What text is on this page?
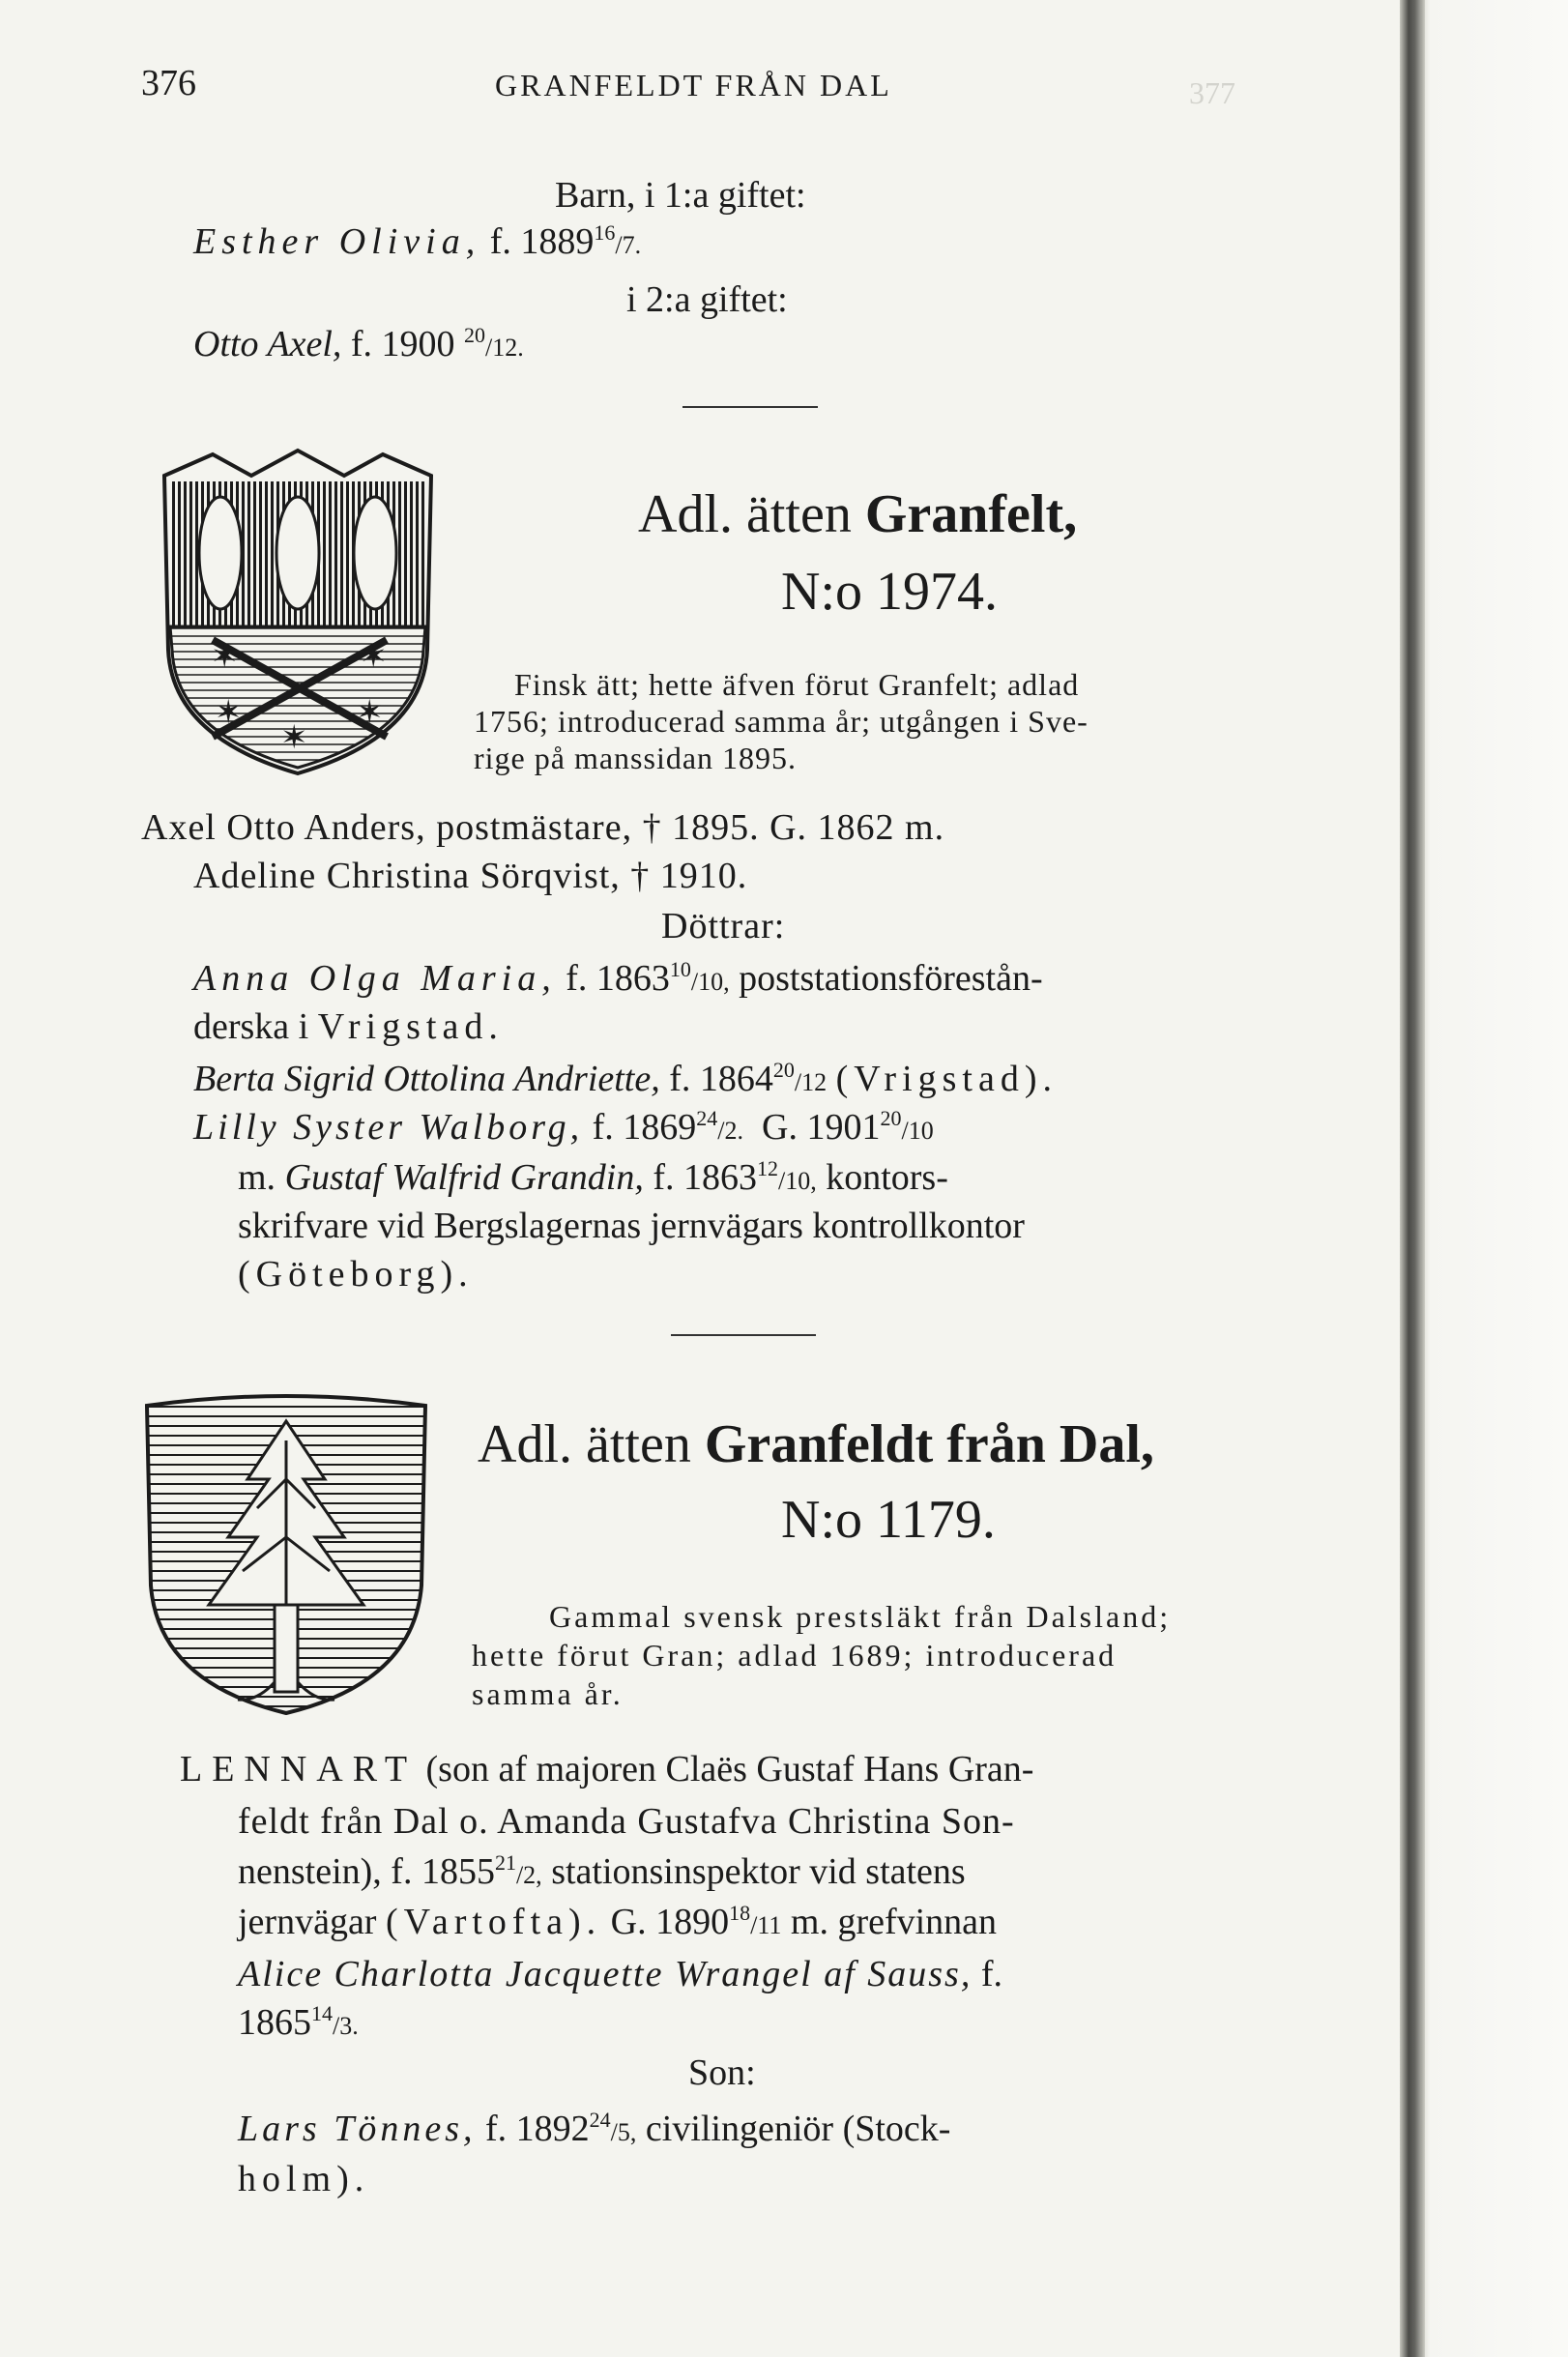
377
376	GRANFELDT FRÅN DAL
Barn, i 1:a giftet:
Esther Olivia, f. 1889$^{16}$/7.
i 2:a giftet:
Otto Axel, f. 1900 $^{20}$/12.
✶	✶
✶
✶	✶
Adl. ätten Granfelt,
N:o 1974.
Finsk ätt; hette äfven förut Granfelt; adlad
1756; introducerad samma år; utgången i Sve-
rige på manssidan 1895.
Axel Otto Anders, postmästare, † 1895. G. 1862 m.
Adeline Christina Sörqvist, † 1910.
Döttrar:
Anna Olga Maria, f. 1863$^{10}$/10, poststationsförestån-
derska i Vrigstad.
Berta Sigrid Ottolina Andriette, f. 1864$^{20}$/12 (Vrigstad).
Lilly Syster Walborg, f. 1869$^{24}$/2. G. 1901$^{20}$/10
m. Gustaf Walfrid Grandin, f. 1863$^{12}$/10, kontors-
skrifvare vid Bergslagernas jernvägars kontrollkontor
(Göteborg).
Adl. ätten Granfeldt från Dal,
N:o 1179.
Gammal svensk prestsläkt från Dalsland;
hette förut Gran; adlad 1689; introducerad
samma år.
LENNART (son af majoren Claës Gustaf Hans Gran-
feldt från Dal o. Amanda Gustafva Christina Son-
nenstein), f. 1855$^{21}$/2, stationsinspektor vid statens
jernvägar (Vartofta). G. 1890$^{18}$/11 m. grefvinnan
Alice Charlotta Jacquette Wrangel af Sauss, f.
1865$^{14}$/3.
Son:
Lars Tönnes, f. 1892$^{24}$/5, civilingeniör (Stock-
holm).
